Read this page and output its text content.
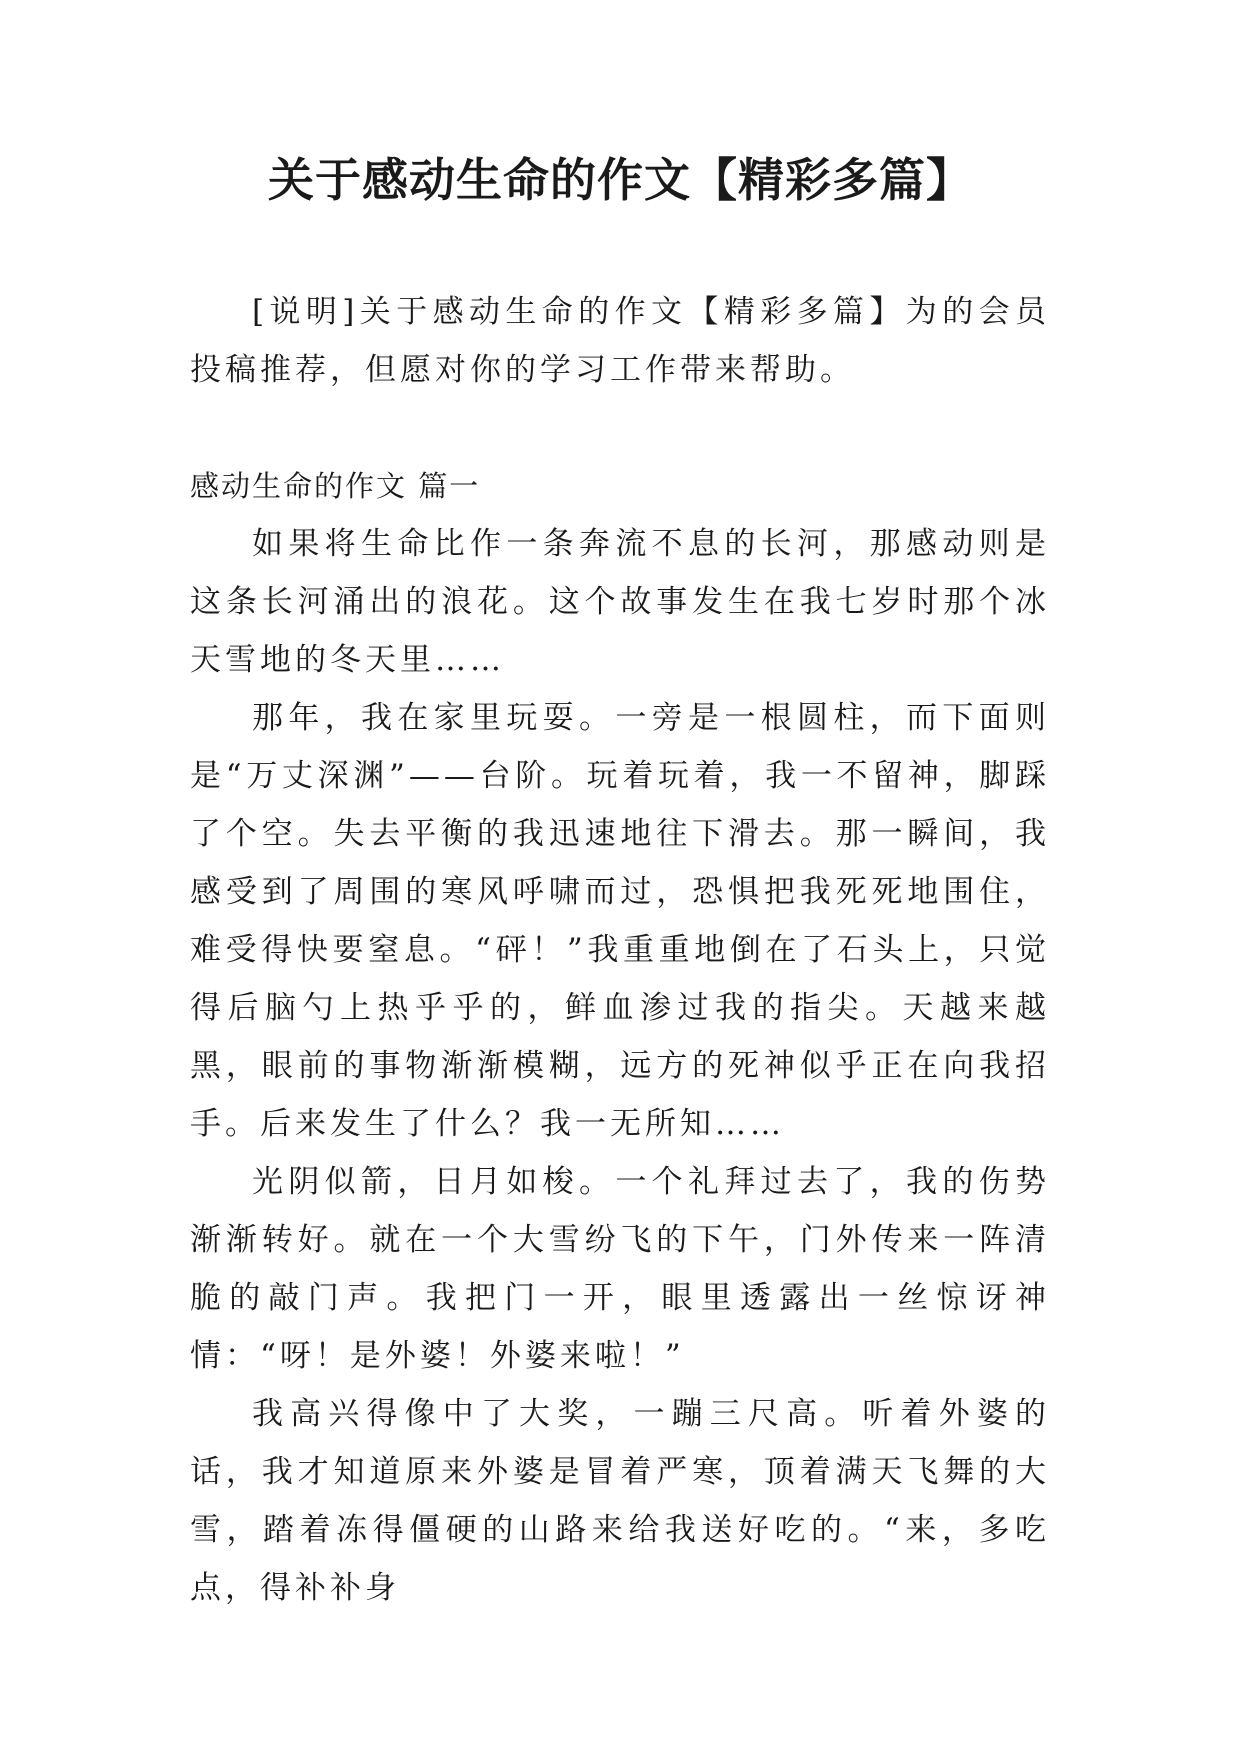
关于感动生命的作文【精彩多篇】

[说明]关于感动生命的作文【精彩多篇】为的会员投稿推荐，但愿对你的学习工作带来帮助。

感动生命的作文 篇一

如果将生命比作一条奔流不息的长河，那感动则是这条长河涌出的浪花。这个故事发生在我七岁时那个冰天雪地的冬天里……

那年，我在家里玩耍。一旁是一根圆柱，而下面则是“万丈深渊”——台阶。玩着玩着，我一不留神，脚踩了个空。失去平衡的我迅速地往下滑去。那一瞬间，我感受到了周围的寒风呼啸而过，恐惧把我死死地围住，难受得快要窒息。“砰！”我重重地倒在了石头上，只觉得后脑勺上热乎乎的，鲜血渗过我的指尖。天越来越黑，眼前的事物渐渐模糊，远方的死神似乎正在向我招手。后来发生了什么？我一无所知……

光阴似箭，日月如梭。一个礼拜过去了，我的伤势渐渐转好。就在一个大雪纷飞的下午，门外传来一阵清脆的敲门声。我把门一开，眼里透露出一丝惊讶神情：“呀！是外婆！外婆来啦！”

我高兴得像中了大奖，一蹦三尺高。听着外婆的话，我才知道原来外婆是冒着严寒，顶着满天飞舞的大雪，踏着冻得僵硬的山路来给我送好吃的。“来，多吃点，得补补身
